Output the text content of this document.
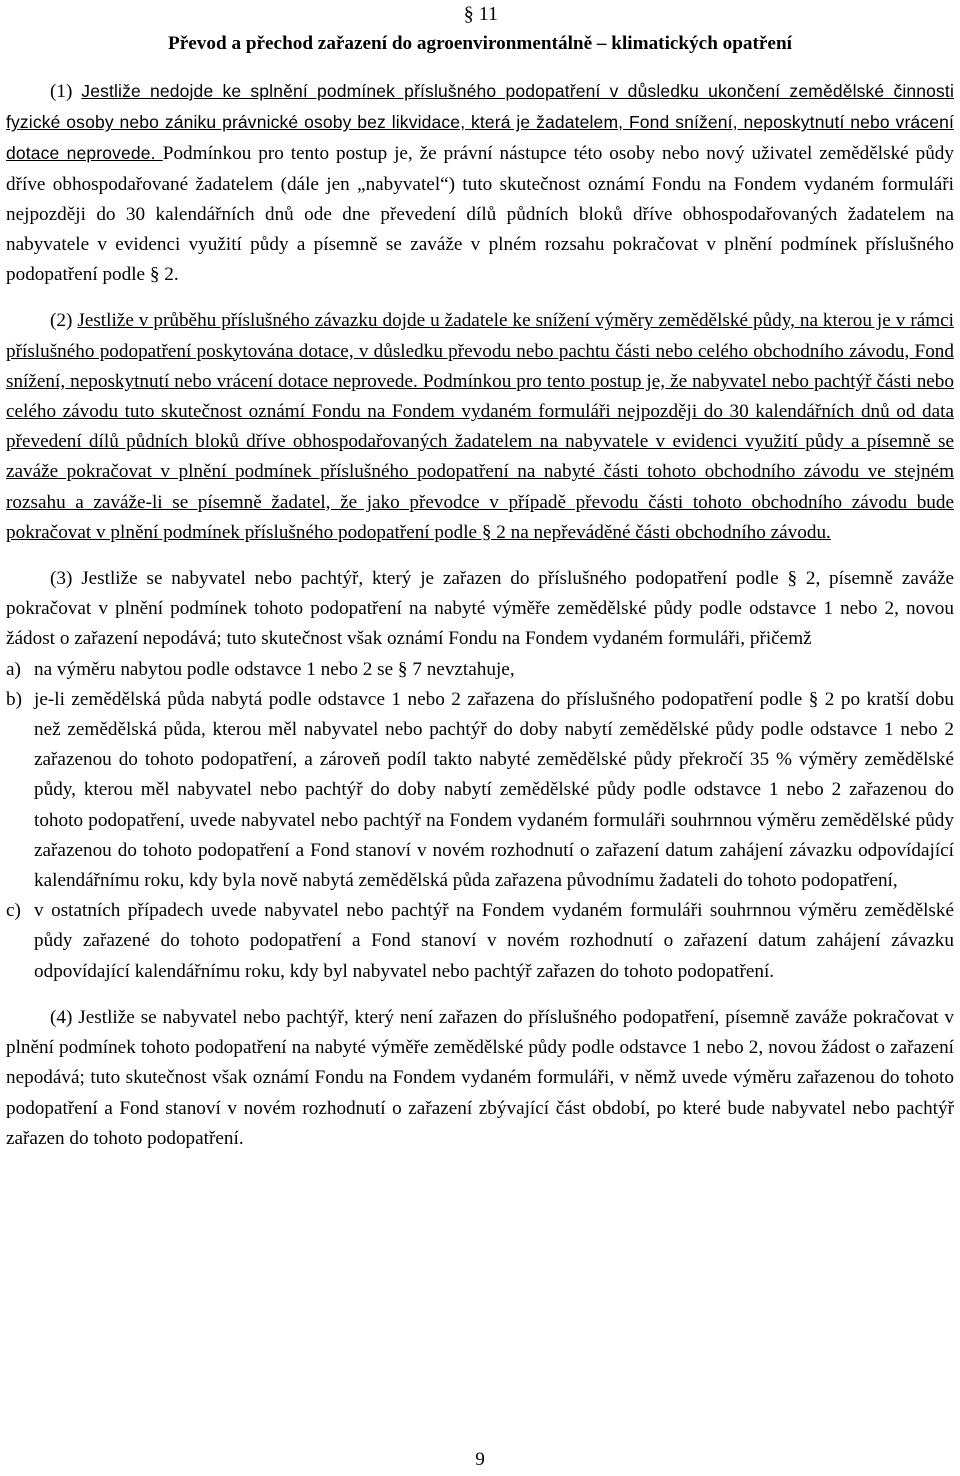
§ 11
Převod a přechod zařazení do agroenvironmentálně – klimatických opatření

(1) Jestliže nedojde ke splnění podmínek příslušného podopatření v důsledku ukončení zemědělské činnosti fyzické osoby nebo zániku právnické osoby bez likvidace, která je žadatelem, Fond snížení, neposkytnutí nebo vrácení dotace neprovede. Podmínkou pro tento postup je, že právní nástupce této osoby nebo nový uživatel zemědělské půdy dříve obhospodařované žadatelem (dále jen „nabyvatel“) tuto skutečnost oznámí Fondu na Fondem vydaném formuláři nejpozději do 30 kalendářních dnů ode dne převedení dílů půdních bloků dříve obhospodařovaných žadatelem na nabyvatele v evidenci využití půdy a písemně se zaváže v plném rozsahu pokračovat v plnění podmínek příslušného podopatření podle § 2.

(2) Jestliže v průběhu příslušného závazku dojde u žadatele ke snížení výměry zemědělské půdy, na kterou je v rámci příslušného podopatření poskytována dotace, v důsledku převodu nebo pachtu části nebo celého obchodního závodu, Fond snížení, neposkytnutí nebo vrácení dotace neprovede. Podmínkou pro tento postup je, že nabyvatel nebo pachtýř části nebo celého závodu tuto skutečnost oznámí Fondu na Fondem vydaném formuláři nejpozději do 30 kalendářních dnů od data převedení dílů půdních bloků dříve obhospodařovaných žadatelem na nabyvatele v evidenci využití půdy a písemně se zaváže pokračovat v plnění podmínek příslušného podopatření na nabyté části tohoto obchodního závodu ve stejném rozsahu a zaváže-li se písemně žadatel, že jako převodce v případě převodu části tohoto obchodního závodu bude pokračovat v plnění podmínek příslušného podopatření podle § 2 na nepřeváděné části obchodního závodu.

(3) Jestliže se nabyvatel nebo pachtýř, který je zařazen do příslušného podopatření podle § 2, písemně zaváže pokračovat v plnění podmínek tohoto podopatření na nabyté výměře zemědělské půdy podle odstavce 1 nebo 2, novou žádost o zařazení nepodává; tuto skutečnost však oznámí Fondu na Fondem vydaném formuláři, přičemž

a) na výměru nabytou podle odstavce 1 nebo 2 se § 7 nevztahuje,
b) je-li zemědělská půda nabytá podle odstavce 1 nebo 2 zařazena do příslušného podopatření podle § 2 po kratší dobu než zemědělská půda, kterou měl nabyvatel nebo pachtýř do doby nabytí zemědělské půdy podle odstavce 1 nebo 2 zařazenou do tohoto podopatření, a zároveň podíl takto nabyté zemědělské půdy překročí 35 % výměry zemědělské půdy, kterou měl nabyvatel nebo pachtýř do doby nabytí zemědělské půdy podle odstavce 1 nebo 2 zařazenou do tohoto podopatření, uvede nabyvatel nebo pachtýř na Fondem vydaném formuláři souhrnnou výměru zemědělské půdy zařazenou do tohoto podopatření a Fond stanoví v novém rozhodnutí o zařazení datum zahájení závazku odpovídající kalendářnímu roku, kdy byla nově nabytá zemědělská půda zařazena původnímu žadateli do tohoto podopatření,
c) v ostatních případech uvede nabyvatel nebo pachtýř na Fondem vydaném formuláři souhrnnou výměru zemědělské půdy zařazené do tohoto podopatření a Fond stanoví v novém rozhodnutí o zařazení datum zahájení závazku odpovídající kalendářnímu roku, kdy byl nabyvatel nebo pachtýř zařazen do tohoto podopatření.

(4) Jestliže se nabyvatel nebo pachtýř, který není zařazen do příslušného podopatření, písemně zaváže pokračovat v plnění podmínek tohoto podopatření na nabyté výměře zemědělské půdy podle odstavce 1 nebo 2, novou žádost o zařazení nepodává; tuto skutečnost však oznámí Fondu na Fondem vydaném formuláři, v němž uvede výměru zařazenou do tohoto podopatření a Fond stanoví v novém rozhodnutí o zařazení zbývající část období, po které bude nabyvatel nebo pachtýř zařazen do tohoto podopatření.

9
